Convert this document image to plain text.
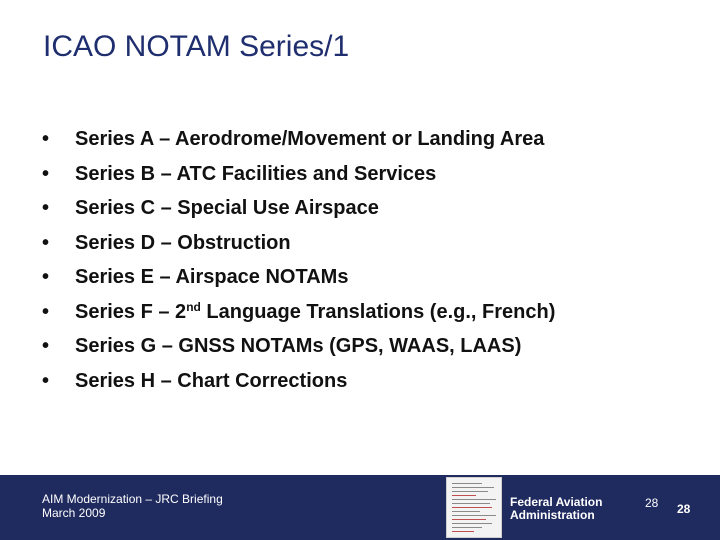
ICAO NOTAM Series/1
• Series A – Aerodrome/Movement or Landing Area
• Series B – ATC Facilities and Services
• Series C – Special Use Airspace
• Series D – Obstruction
• Series E – Airspace NOTAMs
• Series F – 2nd Language Translations (e.g., French)
• Series G – GNSS NOTAMs (GPS, WAAS, LAAS)
• Series H – Chart Corrections
AIM Modernization – JRC Briefing
March 2009
Federal Aviation
Administration
28 28
